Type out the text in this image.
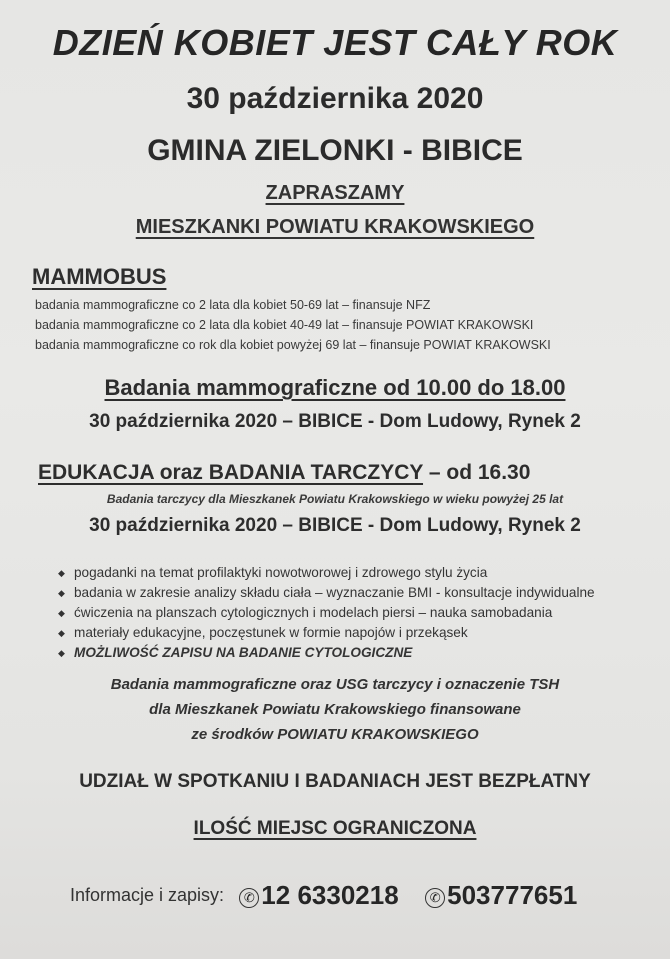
DZIEŃ KOBIET JEST CAŁY ROK
30 października 2020
GMINA ZIELONKI - BIBICE
ZAPRASZAMY
MIESZKANKI POWIATU KRAKOWSKIEGO
MAMMOBUS
badania mammograficzne co 2 lata dla kobiet 50-69 lat – finansuje NFZ
badania mammograficzne co 2 lata dla kobiet 40-49 lat – finansuje POWIAT KRAKOWSKI
badania mammograficzne co rok dla kobiet powyżej 69 lat – finansuje POWIAT KRAKOWSKI
Badania mammograficzne od 10.00 do 18.00
30 października 2020 – BIBICE - Dom Ludowy, Rynek 2
EDUKACJA oraz BADANIA TARCZYCY – od 16.30
Badania tarczycy dla Mieszkanek Powiatu Krakowskiego w wieku powyżej 25 lat
30 października 2020 – BIBICE - Dom Ludowy, Rynek 2
◆ pogadanki na temat profilaktyki nowotworowej i zdrowego stylu życia
◆ badania w zakresie analizy składu ciała – wyznaczanie BMI - konsultacje indywidualne
◆ ćwiczenia na planszach cytologicznych i modelach piersi – nauka samobadania
◆ materiały edukacyjne, poczęstunek w formie napojów i przekąsek
◆ MOŻLIWOŚĆ ZAPISU NA BADANIE CYTOLOGICZNE
Badania mammograficzne oraz USG tarczycy i oznaczenie TSH
dla Mieszkanek Powiatu Krakowskiego finansowane
ze środków POWIATU KRAKOWSKIEGO
UDZIAŁ W SPOTKANIU I BADANIACH JEST BEZPŁATNY
ILOŚĆ MIEJSC OGRANICZONA
Informacje i zapisy: ✆ 12 6330218 ✆ 503777651
